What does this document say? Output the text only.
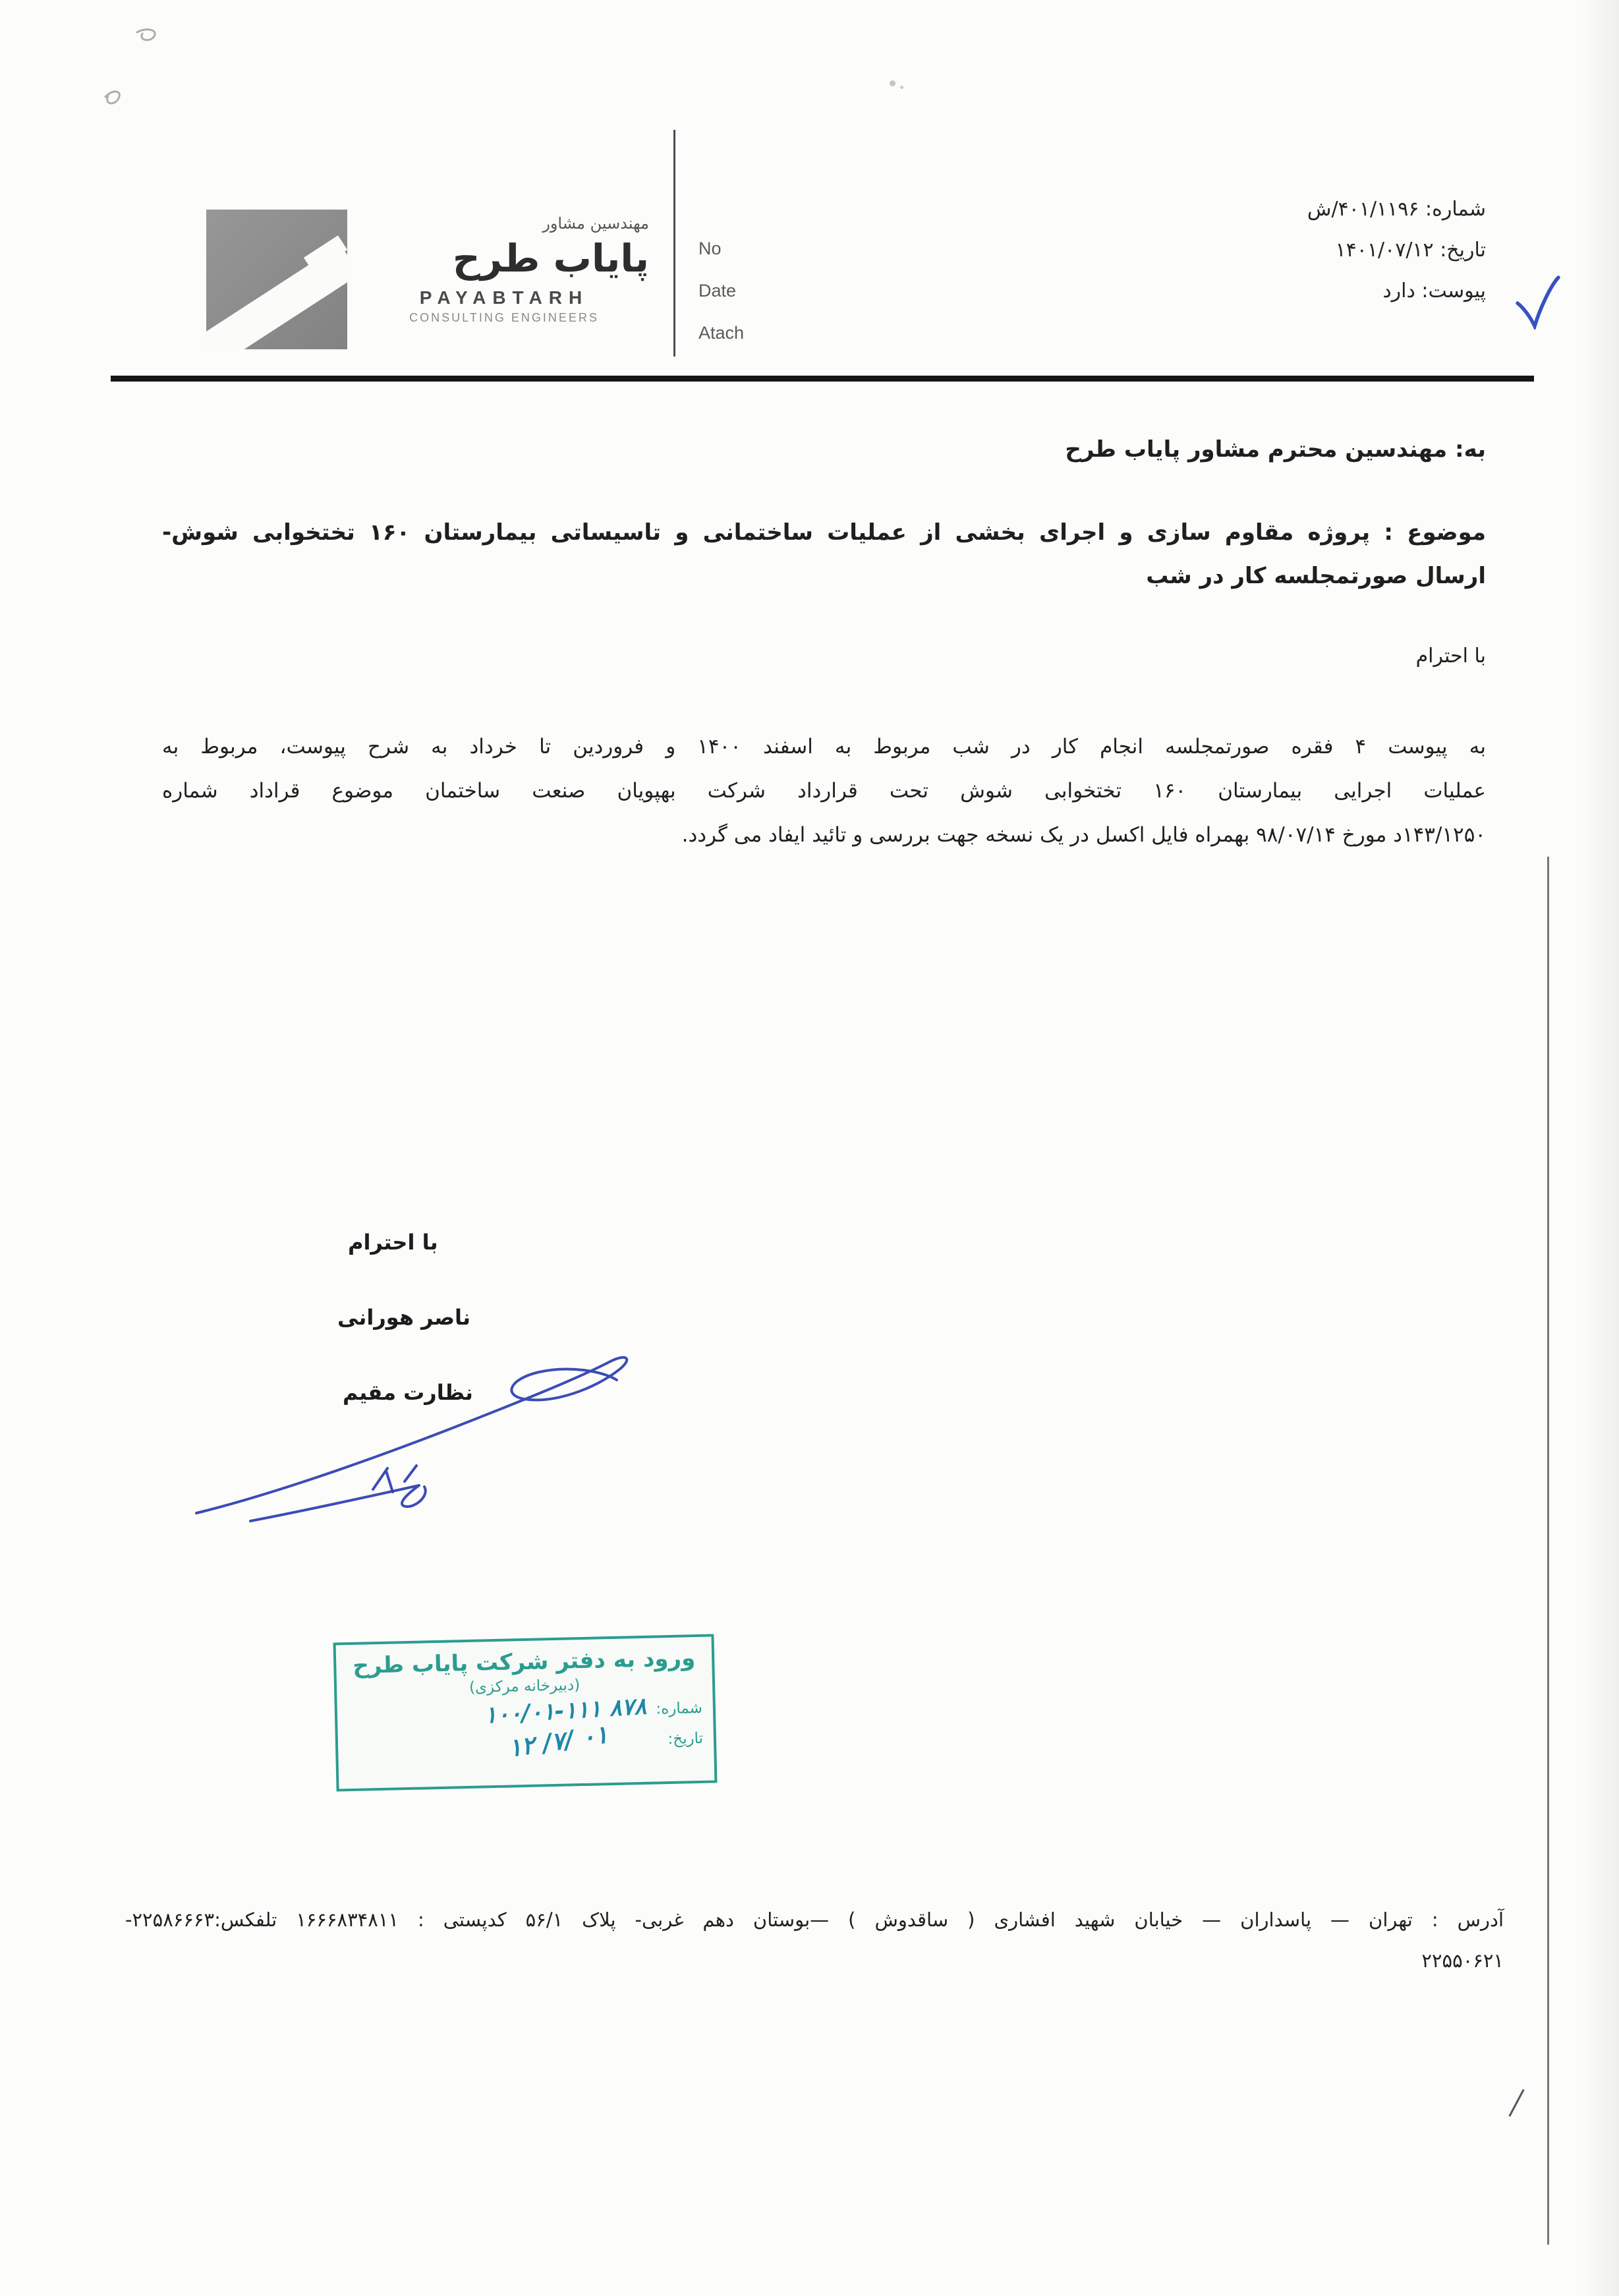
مهندسین مشاور
پایاب طرح
PAYABTARH
CONSULTING ENGINEERS
No
Date
Atach
شماره: ۴۰۱/۱۱۹۶/ش
تاریخ: ۱۴۰۱/۰۷/۱۲
پیوست: دارد
به: مهندسین محترم مشاور پایاب طرح
موضوع : پروژه مقاوم سازی و اجرای بخشی از عملیات ساختمانی و تاسیساتی بیمارستان ۱۶۰ تختخوابی شوش-
ارسال صورتمجلسه کار در شب
با احترام
به پیوست ۴ فقره صورتمجلسه انجام کار در شب مربوط به اسفند ۱۴۰۰ و فروردین تا خرداد به شرح پیوست، مربوط به
عملیات اجرایی بیمارستان ۱۶۰ تختخوابی شوش تحت قرارداد شرکت بهپویان صنعت ساختمان موضوع قراداد شماره
۱۴۳/۱۲۵۰د مورخ ۹۸/۰۷/۱۴ بهمراه فایل اکسل در یک نسخه جهت بررسی و تائید ایفاد می گردد.
با احترام
ناصر هورانی
نظارت مقیم
ورود به دفتر شرکت پایاب طرح
(دبیرخانه مرکزی)
شماره:
۱۰۰/۰۱-۱۱۱ ۸۷۸
تاریخ:
۱۲ /۷/ ۰۱
آدرس : تهران — پاسداران — خیابان شهید افشاری ( ساقدوش ) —بوستان دهم غربی- پلاک ۵۶/۱ کدپستی : ۱۶۶۶۸۳۴۸۱۱ تلفکس:۲۲۵۸۶۶۶۳-
۲۲۵۵۰۶۲۱
